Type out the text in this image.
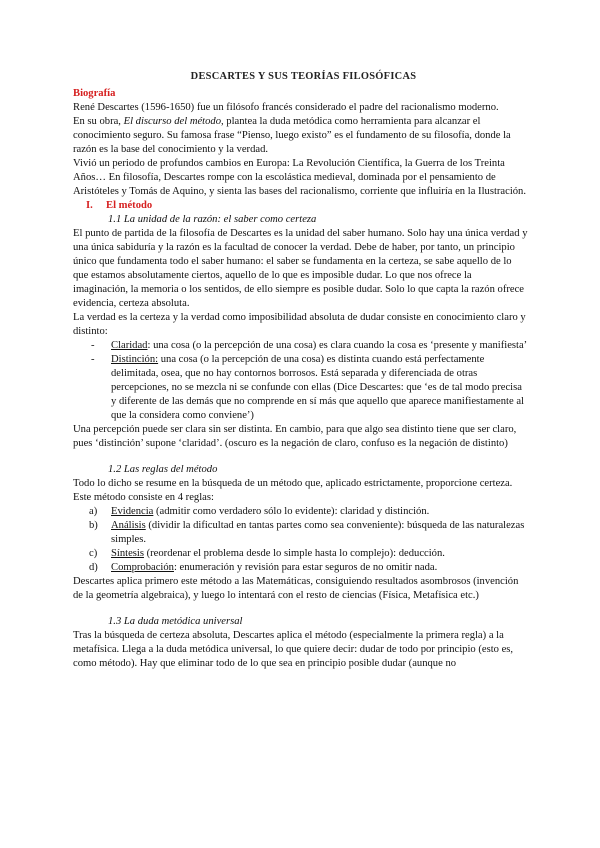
DESCARTES Y SUS TEORÍAS FILOSÓFICAS
Biografía

René Descartes (1596-1650) fue un filósofo francés considerado el padre del racionalismo moderno.

En su obra, El discurso del método, plantea la duda metódica como herramienta para alcanzar el conocimiento seguro. Su famosa frase “Pienso, luego existo” es el fundamento de su filosofía, donde la razón es la base del conocimiento y la verdad.

Vivió un periodo de profundos cambios en Europa: La Revolución Científica, la Guerra de los Treinta Años… En filosofía, Descartes rompe con la escolástica medieval, dominada por el pensamiento de Aristóteles y Tomás de Aquino, y sienta las bases del racionalismo, corriente que influiría en la Ilustración.

I. El método
1.1 La unidad de la razón: el saber como certeza

El punto de partida de la filosofía de Descartes es la unidad del saber humano. Solo hay una única verdad y una única sabiduría y la razón es la facultad de conocer la verdad. Debe de haber, por tanto, un principio único que fundamenta todo el saber humano: el saber se fundamenta en la certeza, se sabe aquello de lo que estamos absolutamente ciertos, aquello de lo que es imposible dudar. Lo que nos ofrece la imaginación, la memoria o los sentidos, de ello siempre es posible dudar. Solo lo que capta la razón ofrece evidencia, certeza absoluta.

La verdad es la certeza y la verdad como imposibilidad absoluta de dudar consiste en conocimiento claro y distinto:

- Claridad: una cosa (o la percepción de una cosa) es clara cuando la cosa es ‘presente y manifiesta’
- Distinción: una cosa (o la percepción de una cosa) es distinta cuando está perfectamente delimitada, osea, que no hay contornos borrosos. Está separada y diferenciada de otras percepciones, no se mezcla ni se confunde con ellas (Dice Descartes: que ‘es de tal modo precisa y diferente de las demás que no comprende en sí más que aquello que aparece manifiestamente al que la considera como conviene’)

Una percepción puede ser clara sin ser distinta. En cambio, para que algo sea distinto tiene que ser claro, pues ‘distinción’ supone ‘claridad’. (oscuro es la negación de claro, confuso es la negación de distinto)

1.2 Las reglas del método

Todo lo dicho se resume en la búsqueda de un método que, aplicado estrictamente, proporcione certeza. Este método consiste en 4 reglas:

a) Evidencia (admitir como verdadero sólo lo evidente): claridad y distinción.
b) Análisis (dividir la dificultad en tantas partes como sea conveniente): búsqueda de las naturalezas simples.
c) Síntesis (reordenar el problema desde lo simple hasta lo complejo): deducción.
d) Comprobación: enumeración y revisión para estar seguros de no omitir nada.

Descartes aplica primero este método a las Matemáticas, consiguiendo resultados asombrosos (invención de la geometría algebraica), y luego lo intentará con el resto de ciencias (Física, Metafísica etc.)

1.3 La duda metódica universal

Tras la búsqueda de certeza absoluta, Descartes aplica el método (especialmente la primera regla) a la metafísica. Llega a la duda metódica universal, lo que quiere decir: dudar de todo por principio (esto es, como método). Hay que eliminar todo de lo que sea en principio posible dudar (aunque no
